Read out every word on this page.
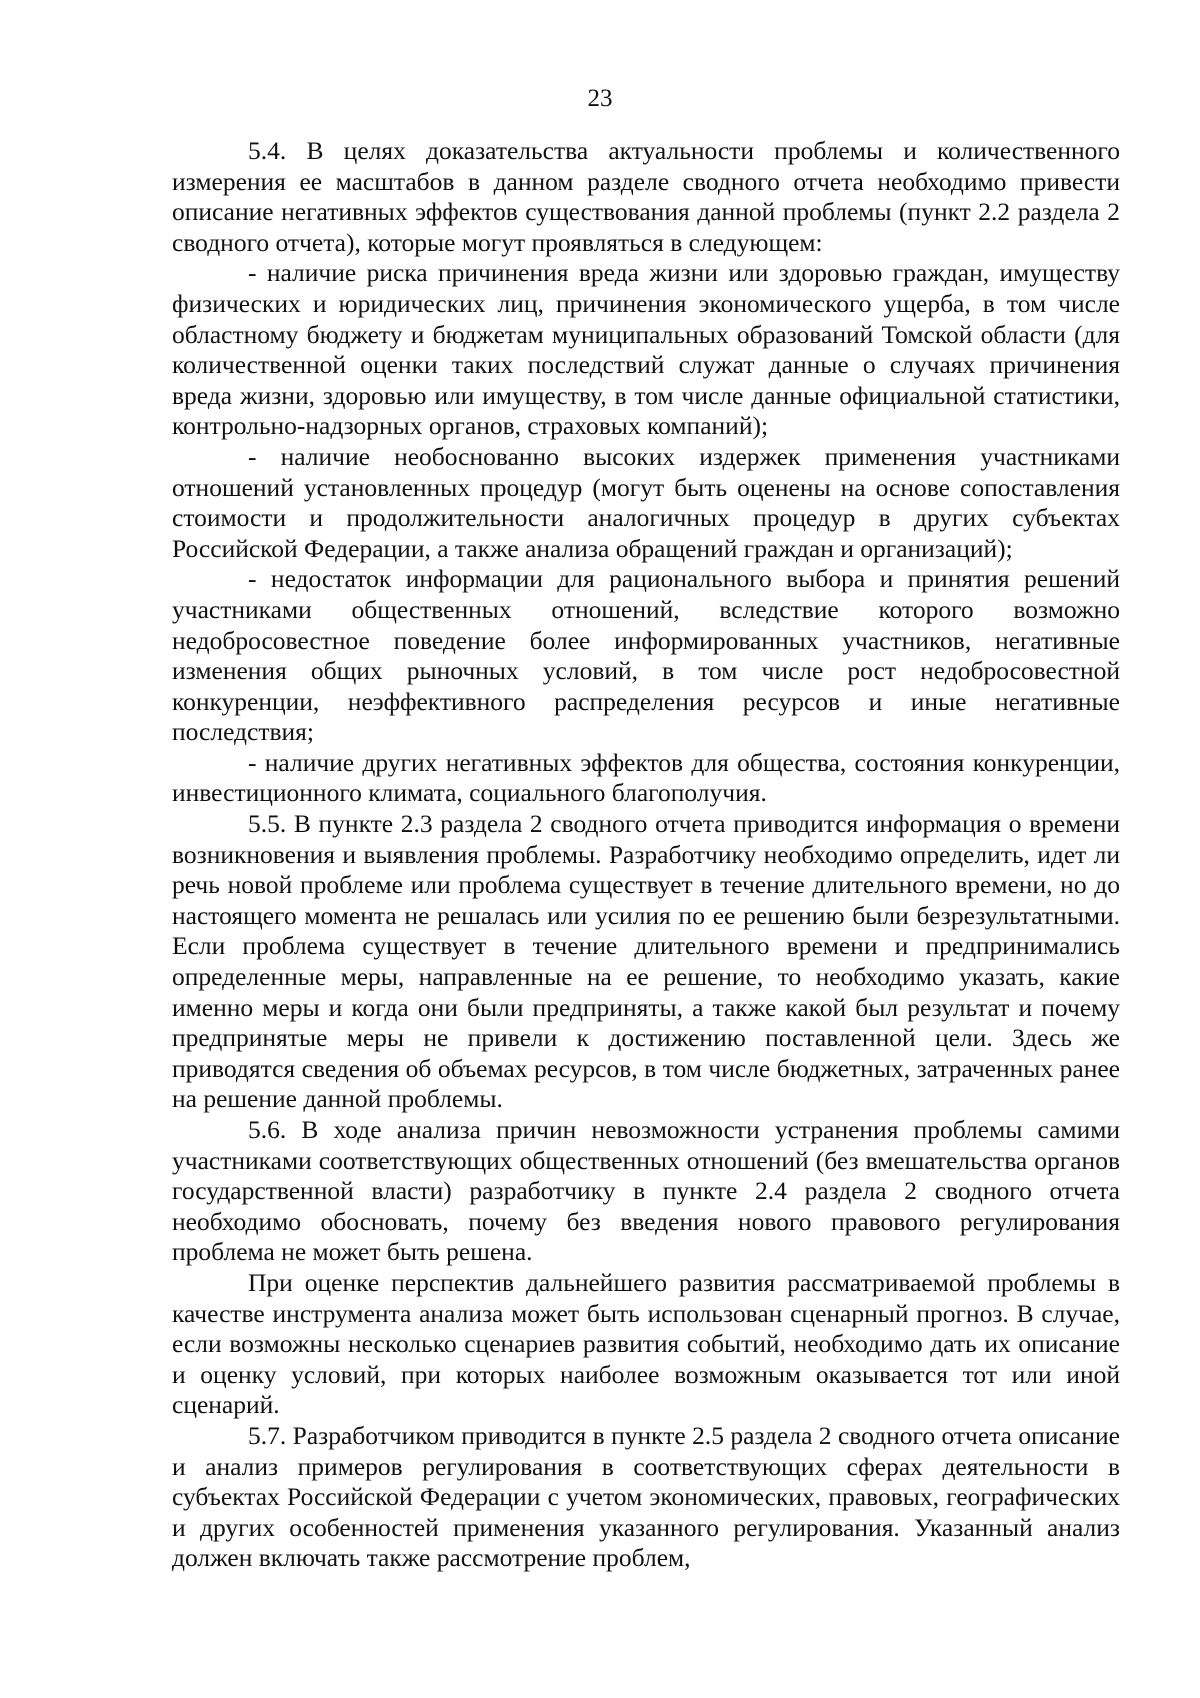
23

5.4. В целях доказательства актуальности проблемы и количественного измерения ее масштабов в данном разделе сводного отчета необходимо привести описание негативных эффектов существования данной проблемы (пункт 2.2 раздела 2 сводного отчета), которые могут проявляться в следующем:

- наличие риска причинения вреда жизни или здоровью граждан, имуществу физических и юридических лиц, причинения экономического ущерба, в том числе областному бюджету и бюджетам муниципальных образований Томской области (для количественной оценки таких последствий служат данные о случаях причинения вреда жизни, здоровью или имуществу, в том числе данные официальной статистики, контрольно-надзорных органов, страховых компаний);

- наличие необоснованно высоких издержек применения участниками отношений установленных процедур (могут быть оценены на основе сопоставления стоимости и продолжительности аналогичных процедур в других субъектах Российской Федерации, а также анализа обращений граждан и организаций);

- недостаток информации для рационального выбора и принятия решений участниками общественных отношений, вследствие которого возможно недобросовестное поведение более информированных участников, негативные изменения общих рыночных условий, в том числе рост недобросовестной конкуренции, неэффективного распределения ресурсов и иные негативные последствия;

- наличие других негативных эффектов для общества, состояния конкуренции, инвестиционного климата, социального благополучия.

5.5. В пункте 2.3 раздела 2 сводного отчета приводится информация о времени возникновения и выявления проблемы. Разработчику необходимо определить, идет ли речь новой проблеме или проблема существует в течение длительного времени, но до настоящего момента не решалась или усилия по ее решению были безрезультатными. Если проблема существует в течение длительного времени и предпринимались определенные меры, направленные на ее решение, то необходимо указать, какие именно меры и когда они были предприняты, а также какой был результат и почему предпринятые меры не привели к достижению поставленной цели. Здесь же приводятся сведения об объемах ресурсов, в том числе бюджетных, затраченных ранее на решение данной проблемы.

5.6. В ходе анализа причин невозможности устранения проблемы самими участниками соответствующих общественных отношений (без вмешательства органов государственной власти) разработчику в пункте 2.4 раздела 2 сводного отчета необходимо обосновать, почему без введения нового правового регулирования проблема не может быть решена.

При оценке перспектив дальнейшего развития рассматриваемой проблемы в качестве инструмента анализа может быть использован сценарный прогноз. В случае, если возможны несколько сценариев развития событий, необходимо дать их описание и оценку условий, при которых наиболее возможным оказывается тот или иной сценарий.

5.7. Разработчиком приводится в пункте 2.5 раздела 2 сводного отчета описание и анализ примеров регулирования в соответствующих сферах деятельности в субъектах Российской Федерации с учетом экономических, правовых, географических и других особенностей применения указанного регулирования. Указанный анализ должен включать также рассмотрение проблем,
